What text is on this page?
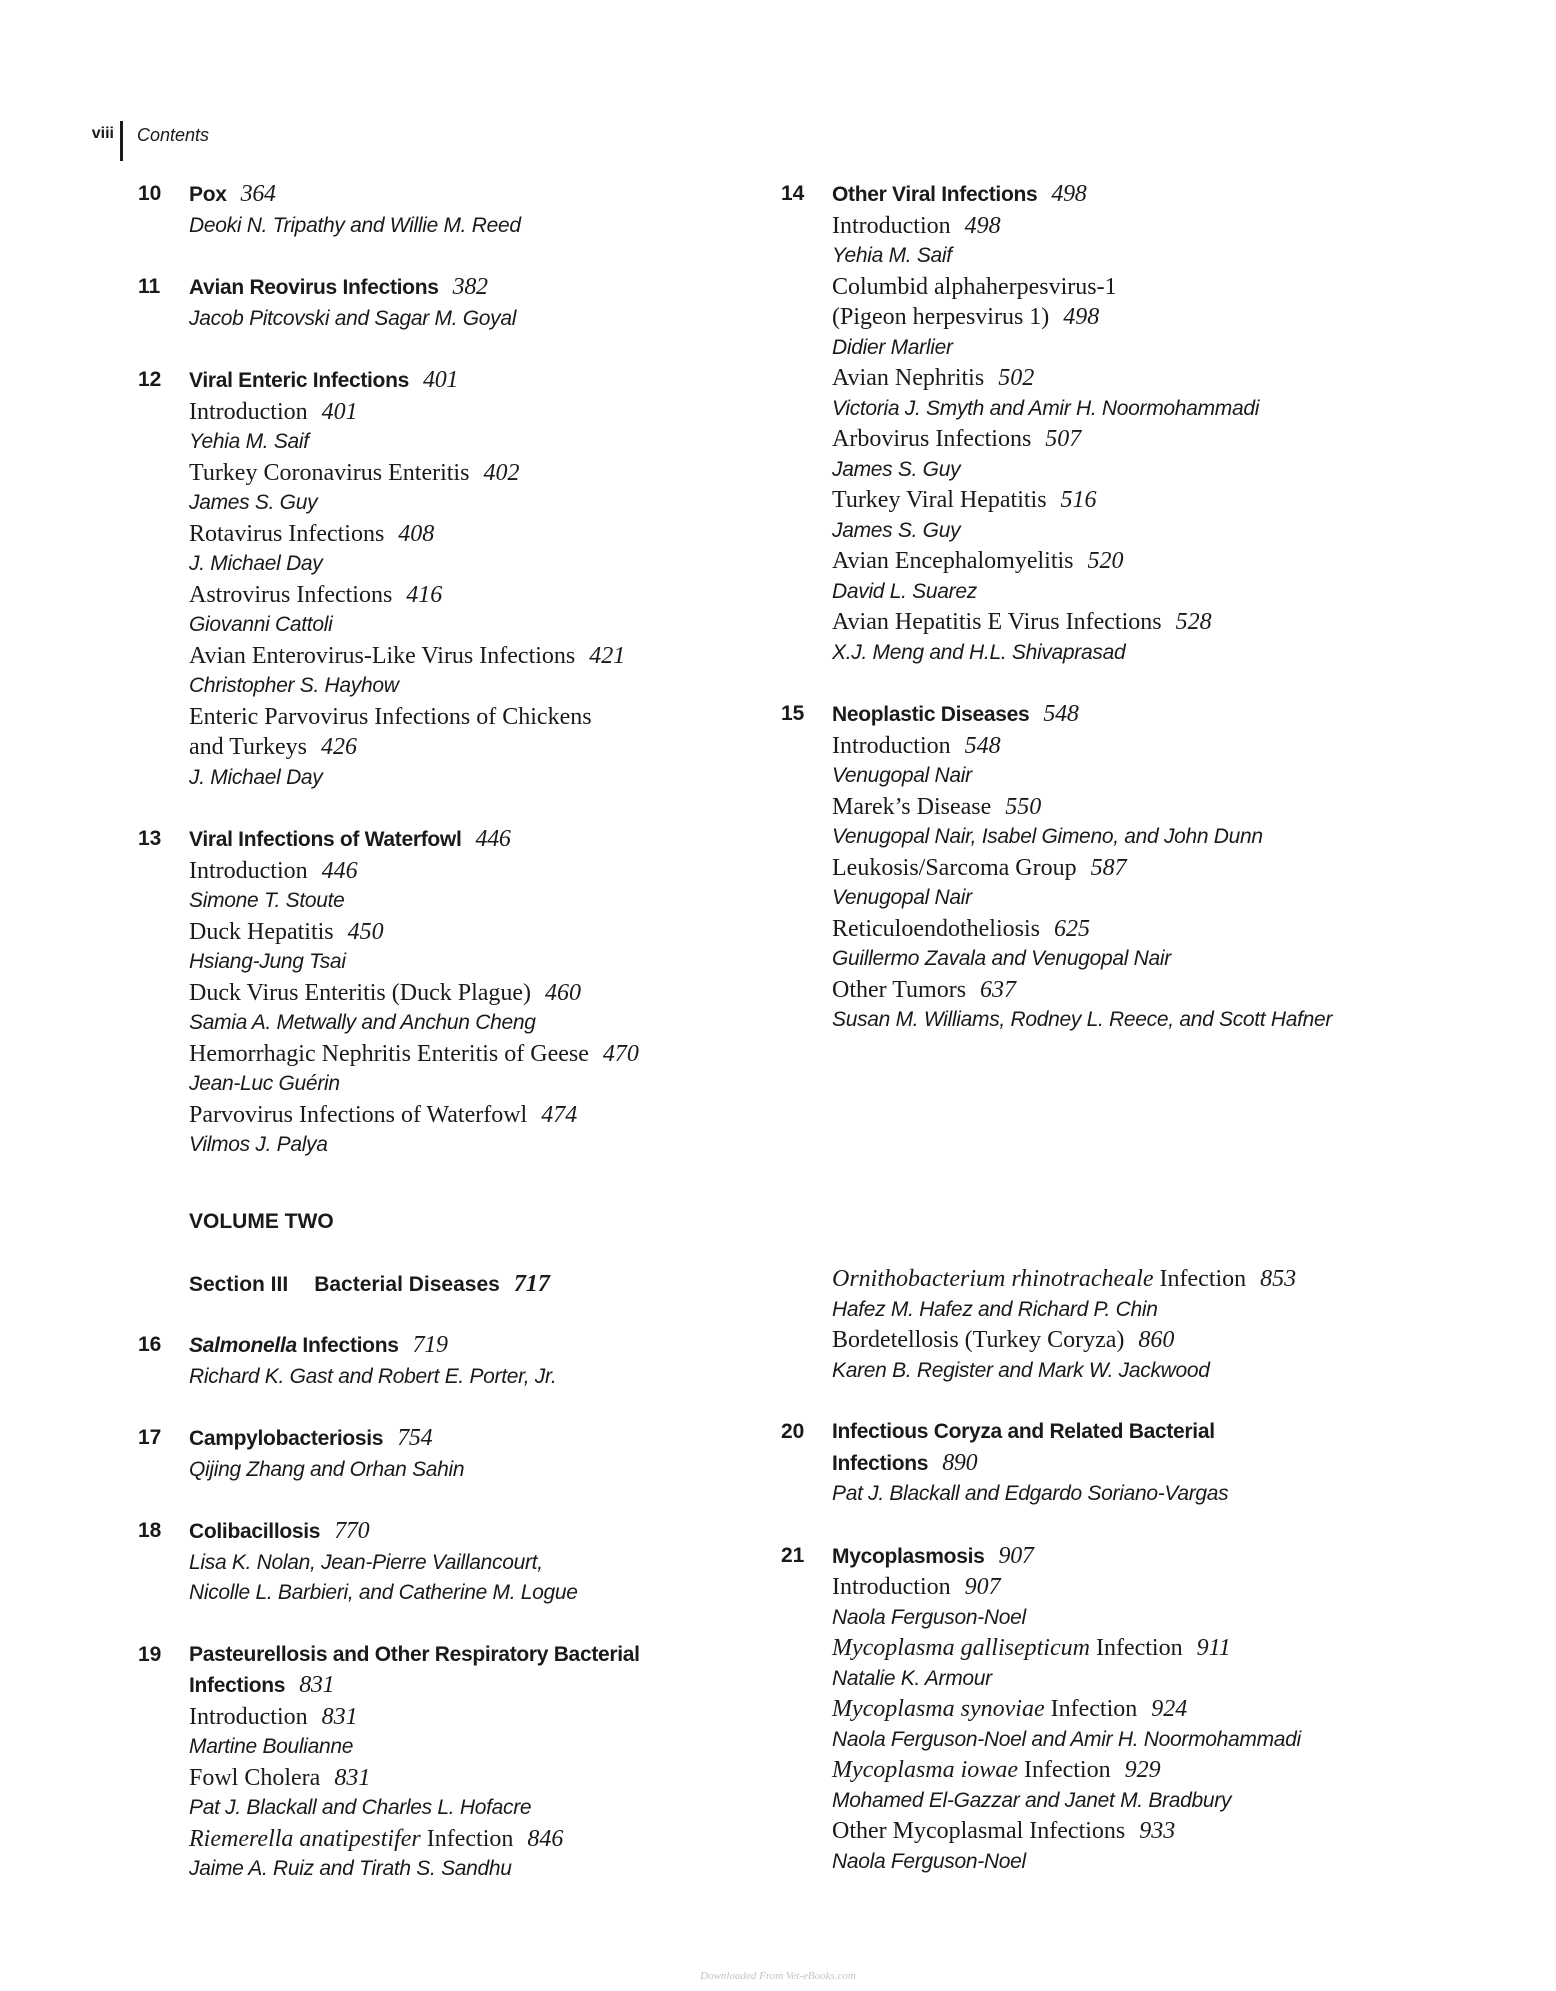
viii Contents
10 Pox 364
Deoki N. Tripathy and Willie M. Reed
11 Avian Reovirus Infections 382
Jacob Pitcovski and Sagar M. Goyal
12 Viral Enteric Infections 401
Introduction 401
Yehia M. Saif
Turkey Coronavirus Enteritis 402
James S. Guy
Rotavirus Infections 408
J. Michael Day
Astrovirus Infections 416
Giovanni Cattoli
Avian Enterovirus-Like Virus Infections 421
Christopher S. Hayhow
Enteric Parvovirus Infections of Chickens
and Turkeys 426
J. Michael Day
13 Viral Infections of Waterfowl 446
Introduction 446
Simone T. Stoute
Duck Hepatitis 450
Hsiang-Jung Tsai
Duck Virus Enteritis (Duck Plague) 460
Samia A. Metwally and Anchun Cheng
Hemorrhagic Nephritis Enteritis of Geese 470
Jean-Luc Guérin
Parvovirus Infections of Waterfowl 474
Vilmos J. Palya
14 Other Viral Infections 498
Introduction 498
Yehia M. Saif
Columbid alphaherpesvirus-1
(Pigeon herpesvirus 1) 498
Didier Marlier
Avian Nephritis 502
Victoria J. Smyth and Amir H. Noormohammadi
Arbovirus Infections 507
James S. Guy
Turkey Viral Hepatitis 516
James S. Guy
Avian Encephalomyelitis 520
David L. Suarez
Avian Hepatitis E Virus Infections 528
X.J. Meng and H.L. Shivaprasad
15 Neoplastic Diseases 548
Introduction 548
Venugopal Nair
Marek’s Disease 550
Venugopal Nair, Isabel Gimeno, and John Dunn
Leukosis/Sarcoma Group 587
Venugopal Nair
Reticuloendotheliosis 625
Guillermo Zavala and Venugopal Nair
Other Tumors 637
Susan M. Williams, Rodney L. Reece, and Scott Hafner
VOLUME TWO
Section III Bacterial Diseases 717
16 Salmonella Infections 719
Richard K. Gast and Robert E. Porter, Jr.
17 Campylobacteriosis 754
Qijing Zhang and Orhan Sahin
18 Colibacillosis 770
Lisa K. Nolan, Jean-Pierre Vaillancourt,
Nicolle L. Barbieri, and Catherine M. Logue
19 Pasteurellosis and Other Respiratory Bacterial
Infections 831
Introduction 831
Martine Boulianne
Fowl Cholera 831
Pat J. Blackall and Charles L. Hofacre
Riemerella anatipestifer Infection 846
Jaime A. Ruiz and Tirath S. Sandhu
Ornithobacterium rhinotracheale Infection 853
Hafez M. Hafez and Richard P. Chin
Bordetellosis (Turkey Coryza) 860
Karen B. Register and Mark W. Jackwood
20 Infectious Coryza and Related Bacterial
Infections 890
Pat J. Blackall and Edgardo Soriano-Vargas
21 Mycoplasmosis 907
Introduction 907
Naola Ferguson-Noel
Mycoplasma gallisepticum Infection 911
Natalie K. Armour
Mycoplasma synoviae Infection 924
Naola Ferguson-Noel and Amir H. Noormohammadi
Mycoplasma iowae Infection 929
Mohamed El-Gazzar and Janet M. Bradbury
Other Mycoplasmal Infections 933
Naola Ferguson-Noel
Downloaded From Vet-eBooks.com
